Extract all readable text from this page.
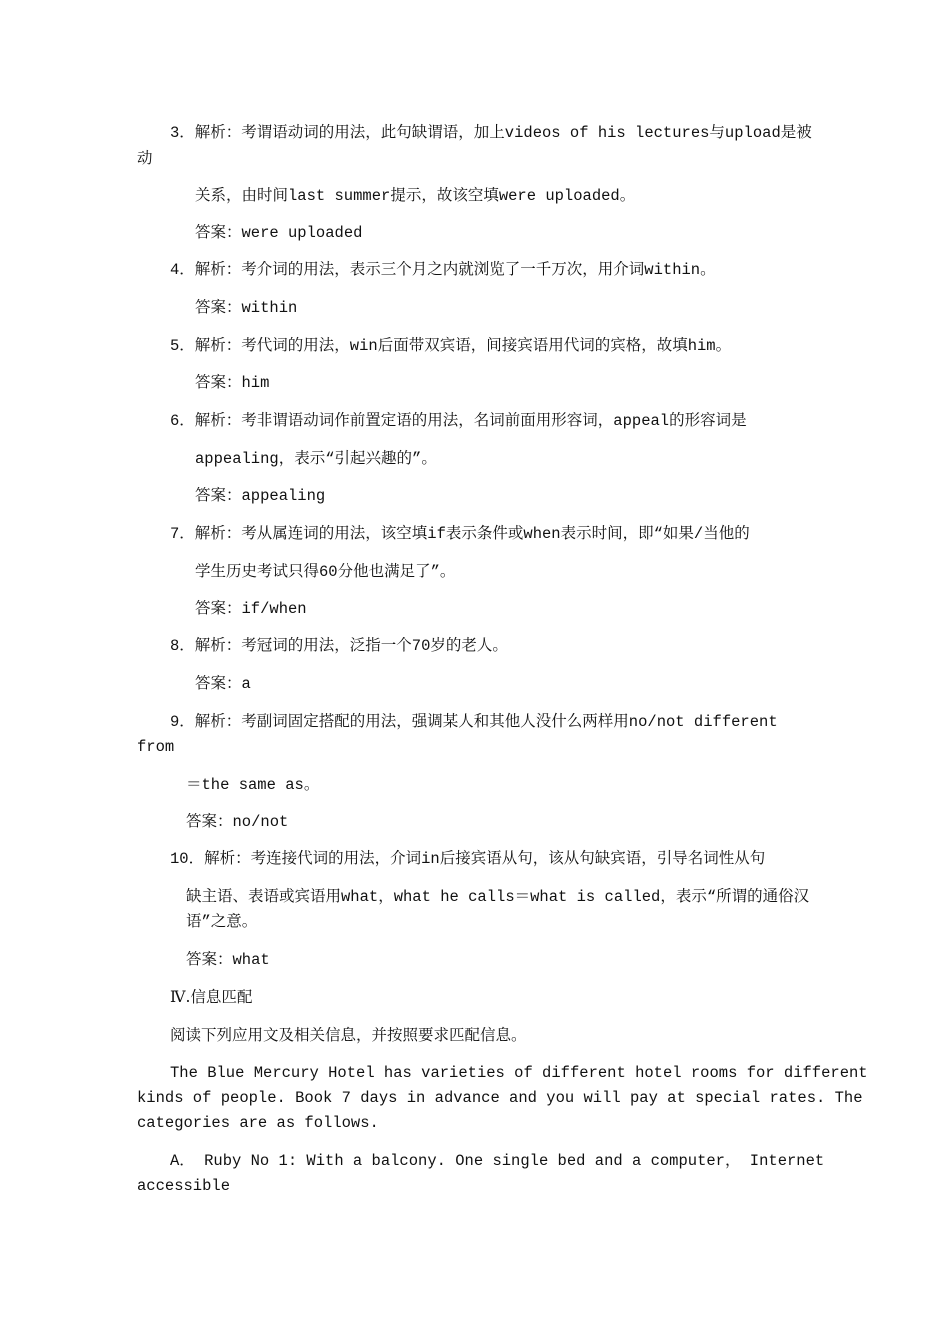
3．解析：考谓语动词的用法，此句缺谓语，加上videos of his lectures与upload是被
动
关系，由时间last summer提示，故该空填were uploaded。
答案：were uploaded
4．解析：考介词的用法，表示三个月之内就浏览了一千万次，用介词within。
答案：within
5．解析：考代词的用法，win后面带双宾语，间接宾语用代词的宾格，故填him。
答案：him
6．解析：考非谓语动词作前置定语的用法，名词前面用形容词，appeal的形容词是
appealing，表示“引起兴趣的”。
答案：appealing
7．解析：考从属连词的用法，该空填if表示条件或when表示时间，即“如果/当他的
学生历史考试只得60分他也满足了”。
答案：if/when
8．解析：考冠词的用法，泛指一个70岁的老人。
答案：a
9．解析：考副词固定搭配的用法，强调某人和其他人没什么两样用no/not different
from
＝the same as。
答案：no/not
10．解析：考连接代词的用法，介词in后接宾语从句，该从句缺宾语，引导名词性从句
缺主语、表语或宾语用what，what he calls＝what is called，表示“所谓的通俗汉
语”之意。
答案：what
Ⅳ.信息匹配
阅读下列应用文及相关信息，并按照要求匹配信息。
The Blue Mercury Hotel has varieties of different hotel rooms for different
kinds of people. Book 7 days in advance and you will pay at special rates. The
categories are as follows.
A． Ruby No 1: With a balcony. One single bed and a computer， Internet
accessible
